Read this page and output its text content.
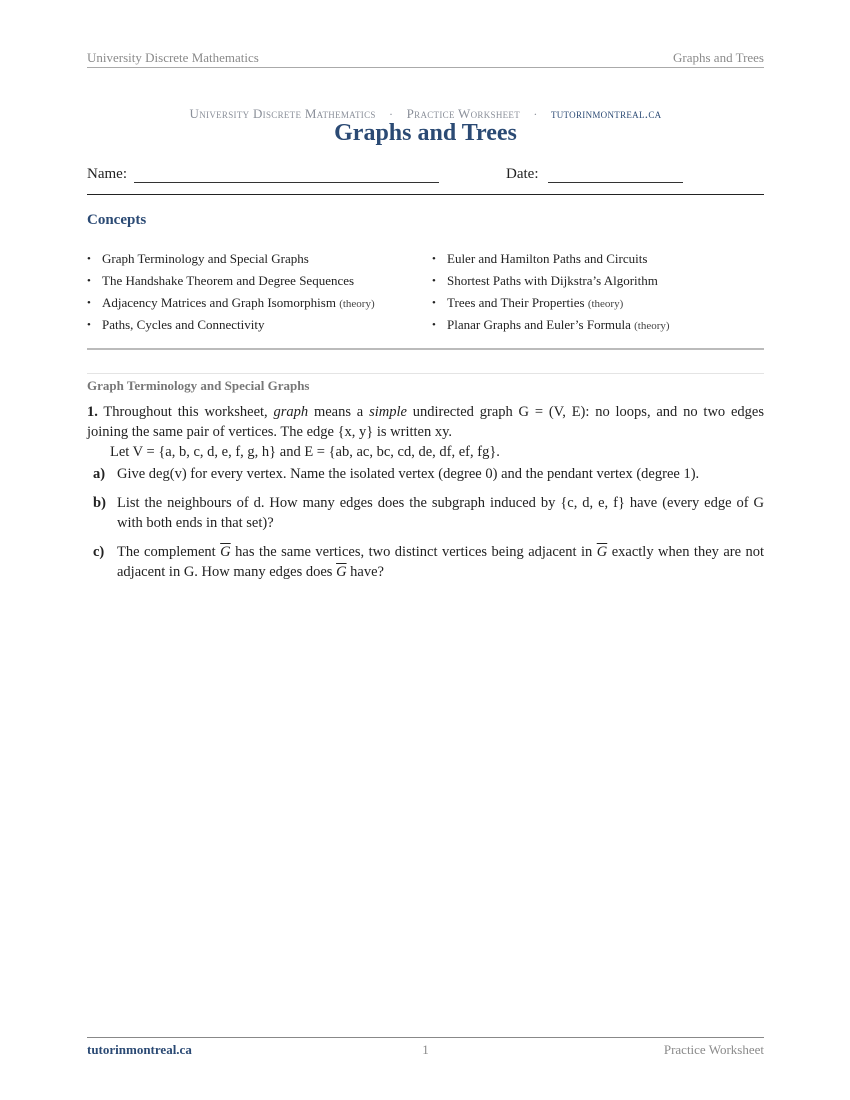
University Discrete Mathematics	Graphs and Trees
University Discrete Mathematics · Practice Worksheet · tutorinmontreal.ca
Graphs and Trees
Name:	Date:
Concepts
• Graph Terminology and Special Graphs
• The Handshake Theorem and Degree Sequences
• Adjacency Matrices and Graph Isomorphism (theory)
• Paths, Cycles and Connectivity
• Euler and Hamilton Paths and Circuits
• Shortest Paths with Dijkstra’s Algorithm
• Trees and Their Properties (theory)
• Planar Graphs and Euler’s Formula (theory)
Graph Terminology and Special Graphs

1. Throughout this worksheet, graph means a simple undirected graph G = (V, E): no loops, and no two edges joining the same pair of vertices. The edge {x, y} is written xy.

Let V = {a, b, c, d, e, f, g, h} and E = {ab, ac, bc, cd, de, df, ef, fg}.

a) Give deg(v) for every vertex. Name the isolated vertex (degree 0) and the pendant vertex (degree 1).
b) List the neighbours of d. How many edges does the subgraph induced by {c, d, e, f} have (every edge of G with both ends in that set)?
c) The complement $\overline{G}$ has the same vertices, two distinct vertices being adjacent in $\overline{G}$ exactly when they are not adjacent in G. How many edges does $\overline{G}$ have?
tutorinmontreal.ca	1	Practice Worksheet
